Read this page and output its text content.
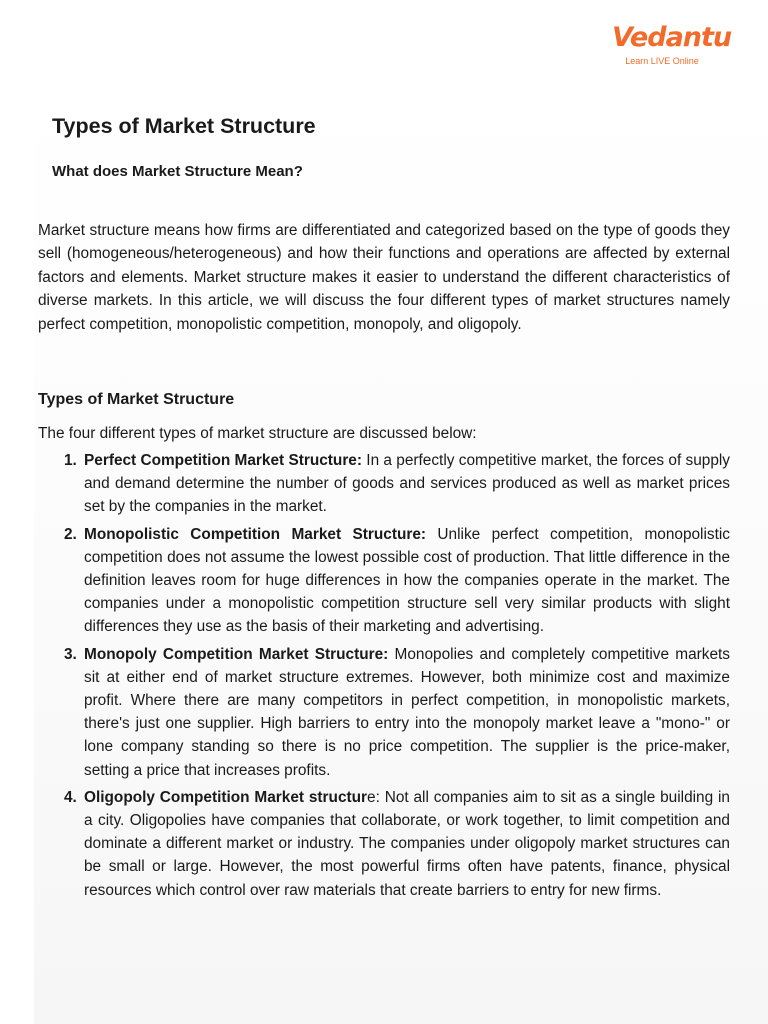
Vedantu
Learn LIVE Online
Types of Market Structure
What does Market Structure Mean?

Market structure means how firms are differentiated and categorized based on the type of goods they sell (homogeneous/heterogeneous) and how their functions and operations are affected by external factors and elements. Market structure makes it easier to understand the different characteristics of diverse markets. In this article, we will discuss the four different types of market structures namely perfect competition, monopolistic competition, monopoly, and oligopoly.

Types of Market Structure

The four different types of market structure are discussed below:

1. Perfect Competition Market Structure: In a perfectly competitive market, the forces of supply and demand determine the number of goods and services produced as well as market prices set by the companies in the market.
2. Monopolistic Competition Market Structure: Unlike perfect competition, monopolistic competition does not assume the lowest possible cost of production. That little difference in the definition leaves room for huge differences in how the companies operate in the market. The companies under a monopolistic competition structure sell very similar products with slight differences they use as the basis of their marketing and advertising.
3. Monopoly Competition Market Structure: Monopolies and completely competitive markets sit at either end of market structure extremes. However, both minimize cost and maximize profit. Where there are many competitors in perfect competition, in monopolistic markets, there's just one supplier. High barriers to entry into the monopoly market leave a "mono-" or lone company standing so there is no price competition. The supplier is the price-maker, setting a price that increases profits.
4. Oligopoly Competition Market structure: Not all companies aim to sit as a single building in a city. Oligopolies have companies that collaborate, or work together, to limit competition and dominate a different market or industry. The companies under oligopoly market structures can be small or large. However, the most powerful firms often have patents, finance, physical resources which control over raw materials that create barriers to entry for new firms.
